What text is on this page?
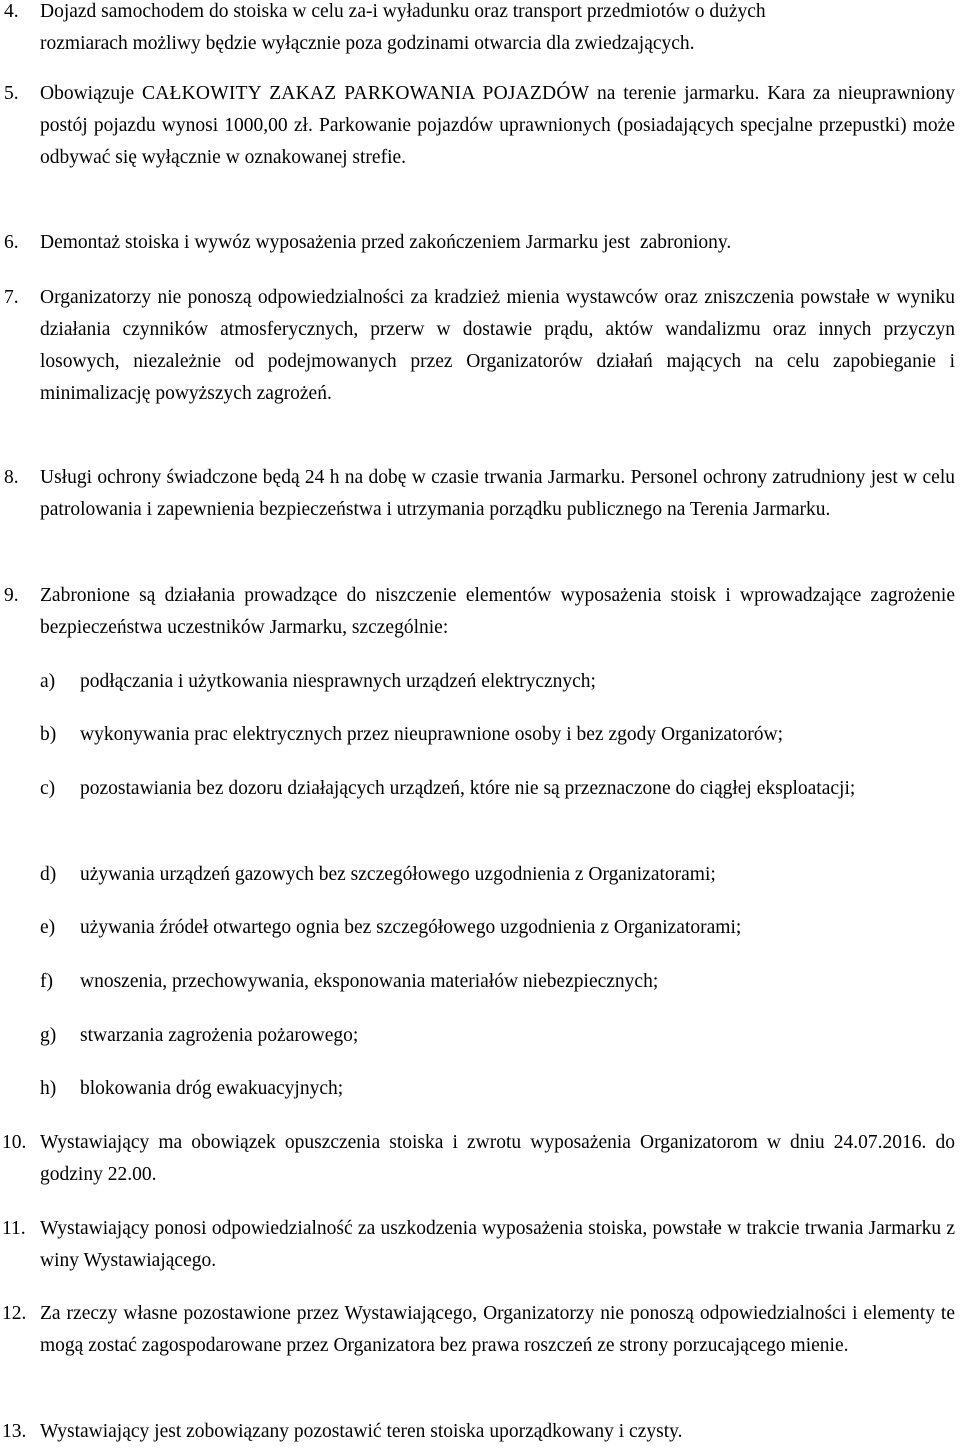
4. Dojazd samochodem do stoiska w celu za-i wyładunku oraz transport przedmiotów o dużych
rozmiarach możliwy będzie wyłącznie poza godzinami otwarcia dla zwiedzających.
5. Obowiązuje CAŁKOWITY ZAKAZ PARKOWANIA POJAZDÓW na terenie jarmarku. Kara za nieuprawniony postój pojazdu wynosi 1000,00 zł. Parkowanie pojazdów uprawnionych (posiadających specjalne przepustki) może odbywać się wyłącznie w oznakowanej strefie.
6. Demontaż stoiska i wywóz wyposażenia przed zakończeniem Jarmarku jest  zabroniony.
7. Organizatorzy nie ponoszą odpowiedzialności za kradzież mienia wystawców oraz zniszczenia powstałe w wyniku działania czynników atmosferycznych, przerw w dostawie prądu, aktów wandalizmu oraz innych przyczyn losowych, niezależnie od podejmowanych przez Organizatorów działań mających na celu zapobieganie i minimalizację powyższych zagrożeń.
8. Usługi ochrony świadczone będą 24 h na dobę w czasie trwania Jarmarku. Personel ochrony zatrudniony jest w celu patrolowania i zapewnienia bezpieczeństwa i utrzymania porządku publicznego na Terenia Jarmarku.
9. Zabronione są działania prowadzące do niszczenie elementów wyposażenia stoisk i wprowadzające zagrożenie bezpieczeństwa uczestników Jarmarku, szczególnie:
a) podłączania i użytkowania niesprawnych urządzeń elektrycznych;
b) wykonywania prac elektrycznych przez nieuprawnione osoby i bez zgody Organizatorów;
c) pozostawiania bez dozoru działających urządzeń, które nie są przeznaczone do ciągłej eksploatacji;
d) używania urządzeń gazowych bez szczegółowego uzgodnienia z Organizatorami;
e) używania źródeł otwartego ognia bez szczegółowego uzgodnienia z Organizatorami;
f) wnoszenia, przechowywania, eksponowania materiałów niebezpiecznych;
g) stwarzania zagrożenia pożarowego;
h) blokowania dróg ewakuacyjnych;
10. Wystawiający ma obowiązek opuszczenia stoiska i zwrotu wyposażenia Organizatorom w dniu 24.07.2016. do godziny 22.00.
11. Wystawiający ponosi odpowiedzialność za uszkodzenia wyposażenia stoiska, powstałe w trakcie trwania Jarmarku z winy Wystawiającego.
12. Za rzeczy własne pozostawione przez Wystawiającego, Organizatorzy nie ponoszą odpowiedzialności i elementy te mogą zostać zagospodarowane przez Organizatora bez prawa roszczeń ze strony porzucającego mienie.
13. Wystawiający jest zobowiązany pozostawić teren stoiska uporządkowany i czysty.
